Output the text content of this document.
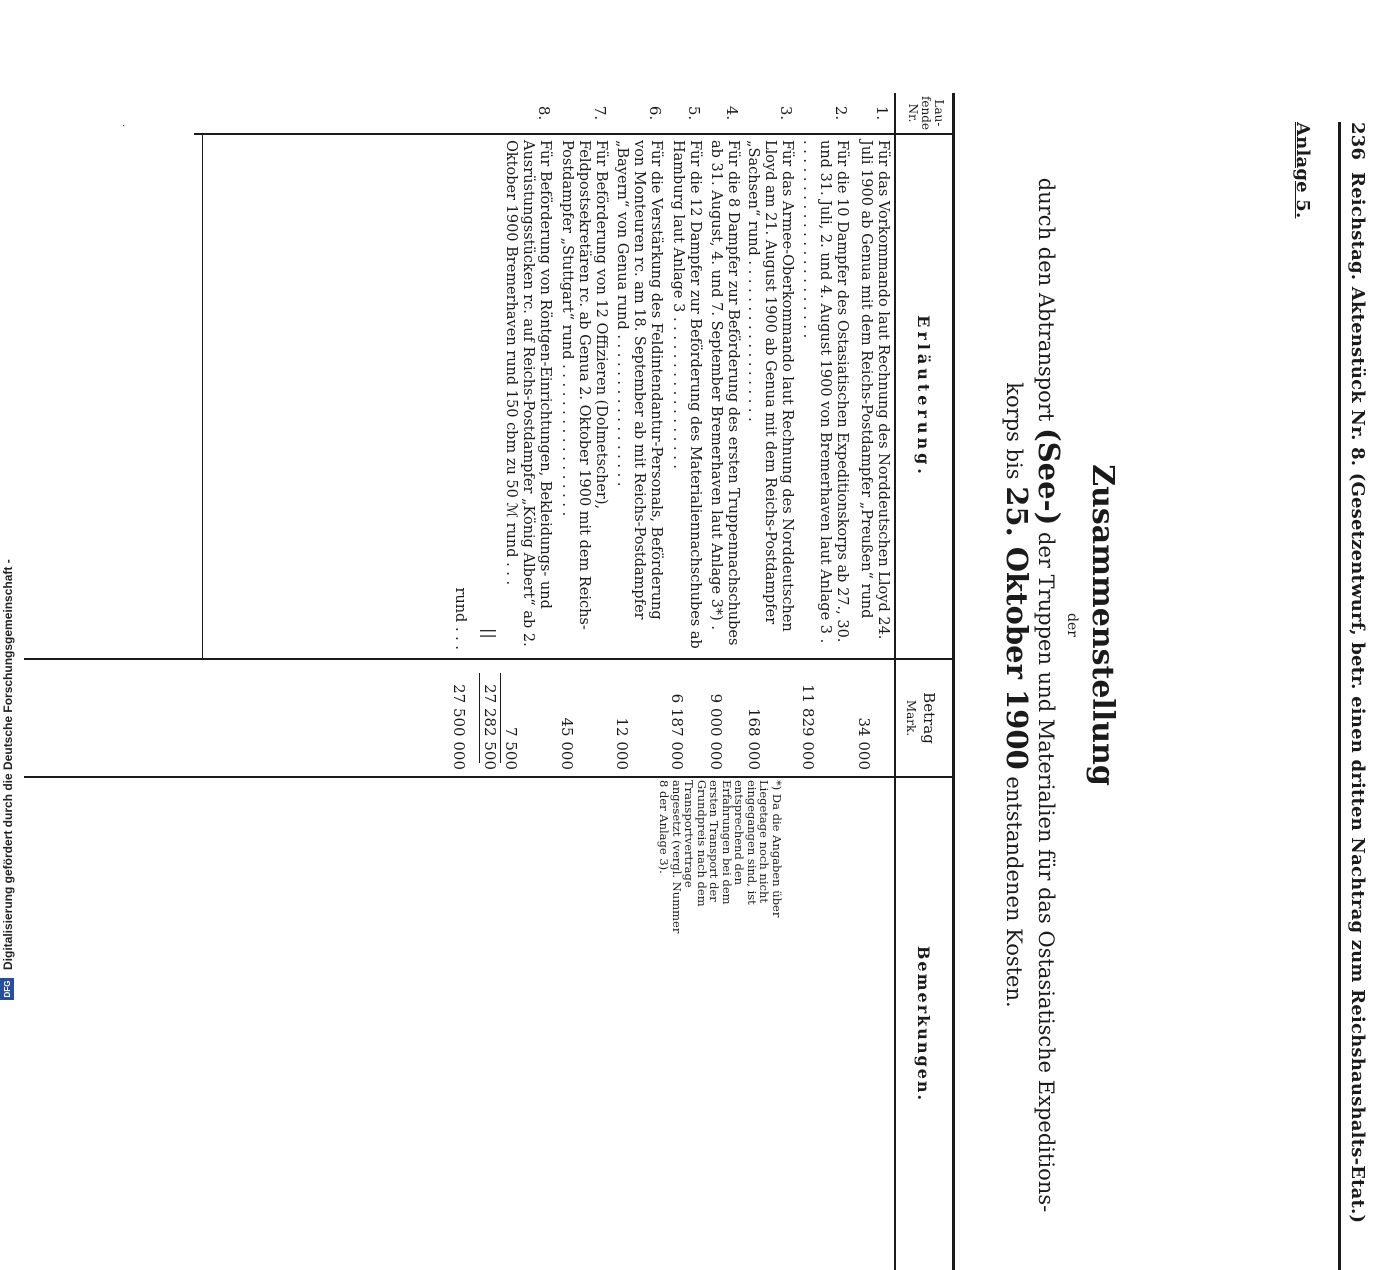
236
Reichstag. Aktenstück Nr. 8. (Gesetzentwurf, betr. einen dritten Nachtrag zum Reichshaushalts-Etat.)
Anlage 5.
Zusammenstellung
der
durch den Abtransport (See-) der Truppen und Materialien für das Ostasiatische Expeditions-
korps bis 25. Oktober 1900 entstandenen Kosten.
Lau-
fende
Nr.
Erläuterung.
Betrag
Mark.
Bemerkungen.
1.
Für das Vorkommando laut Rechnung des Norddeutschen Lloyd 24. Juli 1900 ab Genua mit dem Reichs-Postdampfer „Preußen“ rund
34 000
2.
Für die 10 Dampfer des Ostasiatischen Expeditionskorps ab 27., 30. und 31. Juli, 2. und 4. August 1900 von Bremerhaven laut Anlage 3 . . . . . . . . . . . . . . . . . . . . . . .
11 829 000
3.
Für das Armee-Oberkommando laut Rechnung des Norddeutschen Lloyd am 21. August 1900 ab Genua mit dem Reichs-Postdampfer „Sachsen“ rund . . . . . . . . . . . . . . . . . .
168 000
4.
Für die 8 Dampfer zur Beförderung des ersten Truppennachschubes ab 31. August, 4. und 7. September Bremerhaven laut Anlage 3*) .
9 000 000
5.
Für die 12 Dampfer zur Beförderung des Materialiennachschubes ab Hamburg laut Anlage 3 . . . . . . . . . . . . . . . . .
6 187 000
6.
Für die Verstärkung des Feldintendantur-Personals, Beförderung von Monteuren rc. am 18. September ab mit Reichs-Postdampfer „Bayern“ von Genua rund . . . . . . . . . . . . . . . . .
12 000
7.
Für Beförderung von 12 Offizieren (Dolmetscher), Feldpostsekretären rc. ab Genua 2. Oktober 1900 mit dem Reichs-Postdampfer „Stuttgart“ rund . . . . . . . . . . . . . . . . .
45 000
8.
Für Beförderung von Röntgen-Einrichtungen, Bekleidungs- und Ausrüstungsstücken rc. auf Reichs-Postdampfer „König Albert“ ab 2. Oktober 1900 Bremerhaven rund 150 cbm zu 50 ℳ rund . . .
7 500
||
27 282 500
rund . . .
27 500 000
*) Da die Angaben über Liegetage noch nicht eingegangen sind, ist entsprechend den Erfahrungen bei dem ersten Transport der Grundpreis nach dem Transportvertrage angesetzt (vergl. Nummer 8 der Anlage 3).
·
Digitalisierung gefördert durch die Deutsche Forschungsgemeinschaft -
DFG
